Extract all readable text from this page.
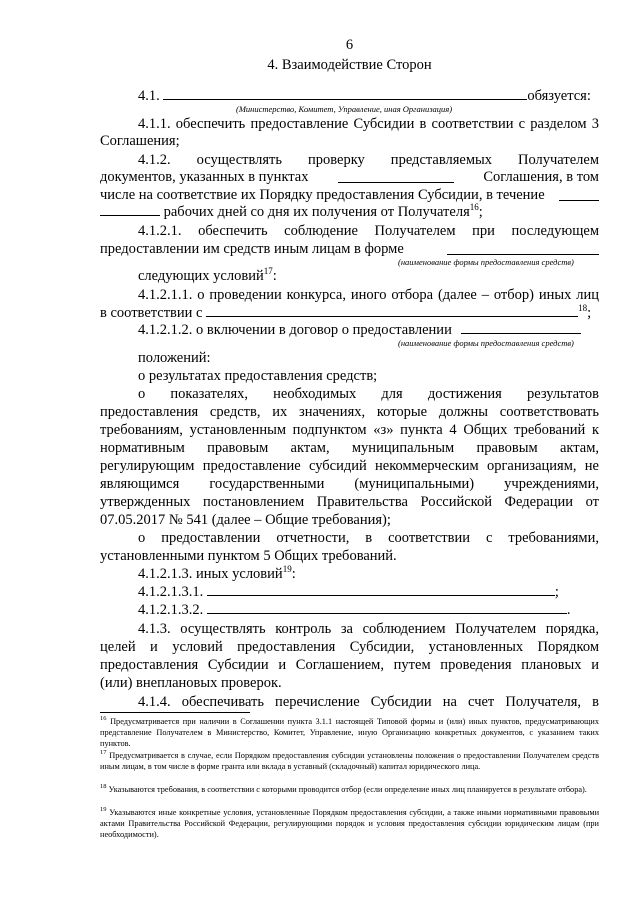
6
4. Взаимодействие Сторон
4.1.	обязуется:
(Министерство, Комитет, Управление, иная Организация)
4.1.1. обеспечить предоставление Субсидии в соответствии с разделом 3
Соглашения;
4.1.2. осуществлять проверку представляемых Получателем
документов, указанных в пунктах	Соглашения, в том
числе на соответствие их Порядку предоставления Субсидии, в течение
рабочих дней со дня их получения от Получателя$^{16}$;
4.1.2.1. обеспечить соблюдение Получателем при последующем
предоставлении им средств иным лицам в форме
(наименование формы предоставления средств)
следующих условий$^{17}$:
4.1.2.1.1. о проведении конкурса, иного отбора (далее – отбор) иных лиц
в соответствии с	$^{18}$;
4.1.2.1.2. о включении в договор о предоставлении
(наименование формы предоставления средств)
положений:
о результатах предоставления средств;
о показателях, необходимых для достижения результатов
предоставления средств, их значениях, которые должны соответствовать
требованиям, установленным подпунктом «з» пункта 4 Общих требований к
нормативным правовым актам, муниципальным правовым актам,
регулирующим предоставление субсидий некоммерческим организациям, не
являющимся государственными (муниципальными) учреждениями,
утвержденных постановлением Правительства Российской Федерации от
07.05.2017 № 541 (далее – Общие требования);
о предоставлении отчетности, в соответствии с требованиями,
установленными пунктом 5 Общих требований.
4.1.2.1.3. иных условий$^{19}$:
4.1.2.1.3.1.	;
4.1.2.1.3.2.	.
4.1.3. осуществлять контроль за соблюдением Получателем порядка,
целей и условий предоставления Субсидии, установленных Порядком
предоставления Субсидии и Соглашением, путем проведения плановых и
(или) внеплановых проверок.
4.1.4. обеспечивать перечисление Субсидии на счет Получателя, в
$^{16}$ Предусматривается при наличии в Соглашении пункта 3.1.1 настоящей Типовой формы и (или) иных пунктов, предусматривающих представление Получателем в Министерство, Комитет, Управление, иную Организацию конкретных документов, с указанием таких пунктов.
$^{17}$ Предусматривается в случае, если Порядком предоставления субсидии установлены положения о предоставлении Получателем средств иным лицам, в том числе в форме гранта или вклада в уставный (складочный) капитал юридического лица.
$^{18}$ Указываются требования, в соответствии с которыми проводится отбор (если определение иных лиц планируется в результате отбора).
$^{19}$ Указываются иные конкретные условия, установленные Порядком предоставления субсидии, а также иными нормативными правовыми актами Правительства Российской Федерации, регулирующими порядок и условия предоставления субсидии юридическим лицам (при необходимости).
